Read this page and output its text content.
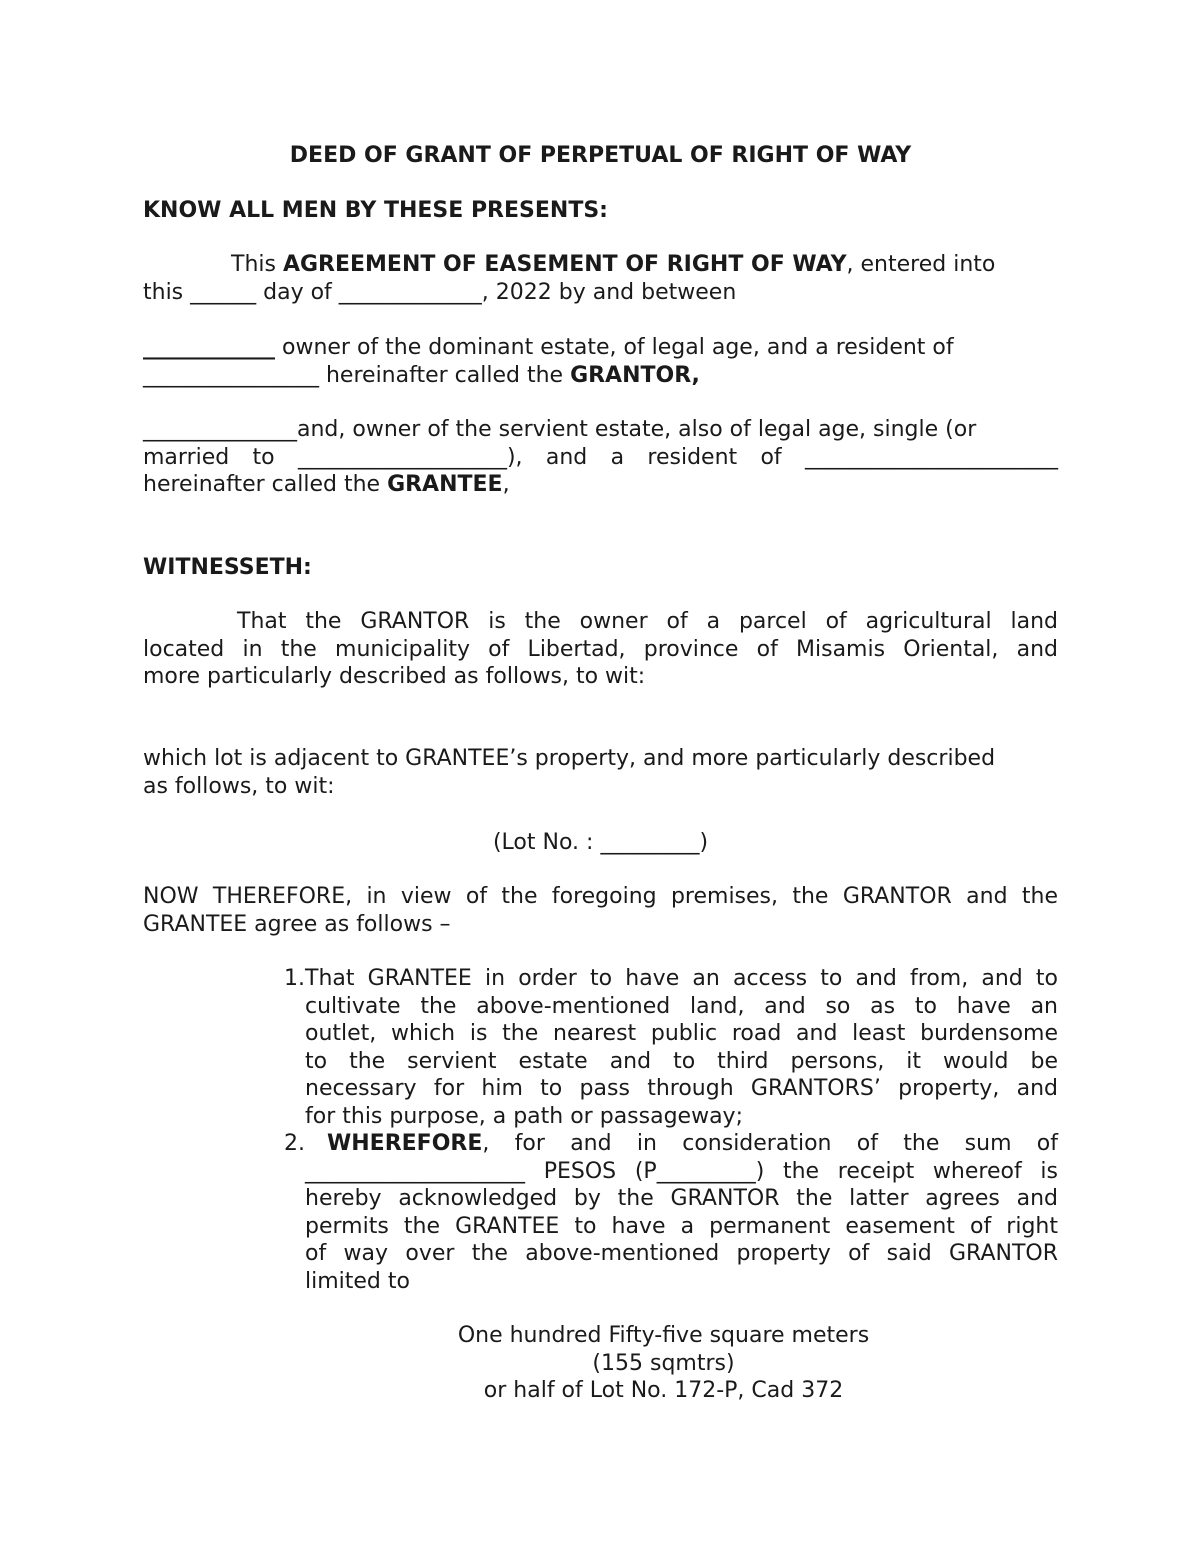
DEED OF GRANT OF PERPETUAL OF RIGHT OF WAY

KNOW ALL MEN BY THESE PRESENTS:

This AGREEMENT OF EASEMENT OF RIGHT OF WAY, entered into

this ______ day of _____________, 2022 by and between

____________ owner of the dominant estate, of legal age, and a resident of

________________ hereinafter called the GRANTOR,

______________and, owner of the servient estate, also of legal age, single (or

married to ___________________), and a resident of _______________________

hereinafter called the GRANTEE,

WITNESSETH:

That the GRANTOR is the owner of a parcel of agricultural land

located in the municipality of Libertad, province of Misamis Oriental, and

more particularly described as follows, to wit:

which lot is adjacent to GRANTEE’s property, and more particularly described

as follows, to wit:

(Lot No. : _________)

NOW THEREFORE, in view of the foregoing premises, the GRANTOR and the

GRANTEE agree as follows –

1. That GRANTEE in order to have an access to and from, and to

cultivate the above-mentioned land, and so as to have an

outlet, which is the nearest public road and least burdensome

to the servient estate and to third persons, it would be

necessary for him to pass through GRANTORS’ property, and

for this purpose, a path or passageway;

2.	WHEREFORE, for and in consideration of the sum of

____________________ PESOS (P_________) the receipt whereof is

hereby acknowledged by the GRANTOR the latter agrees and

permits the GRANTEE to have a permanent easement of right

of way over the above-mentioned property of said GRANTOR

limited to

One hundred Fifty-five square meters

(155 sqmtrs)

or half of Lot No. 172-P, Cad 372
